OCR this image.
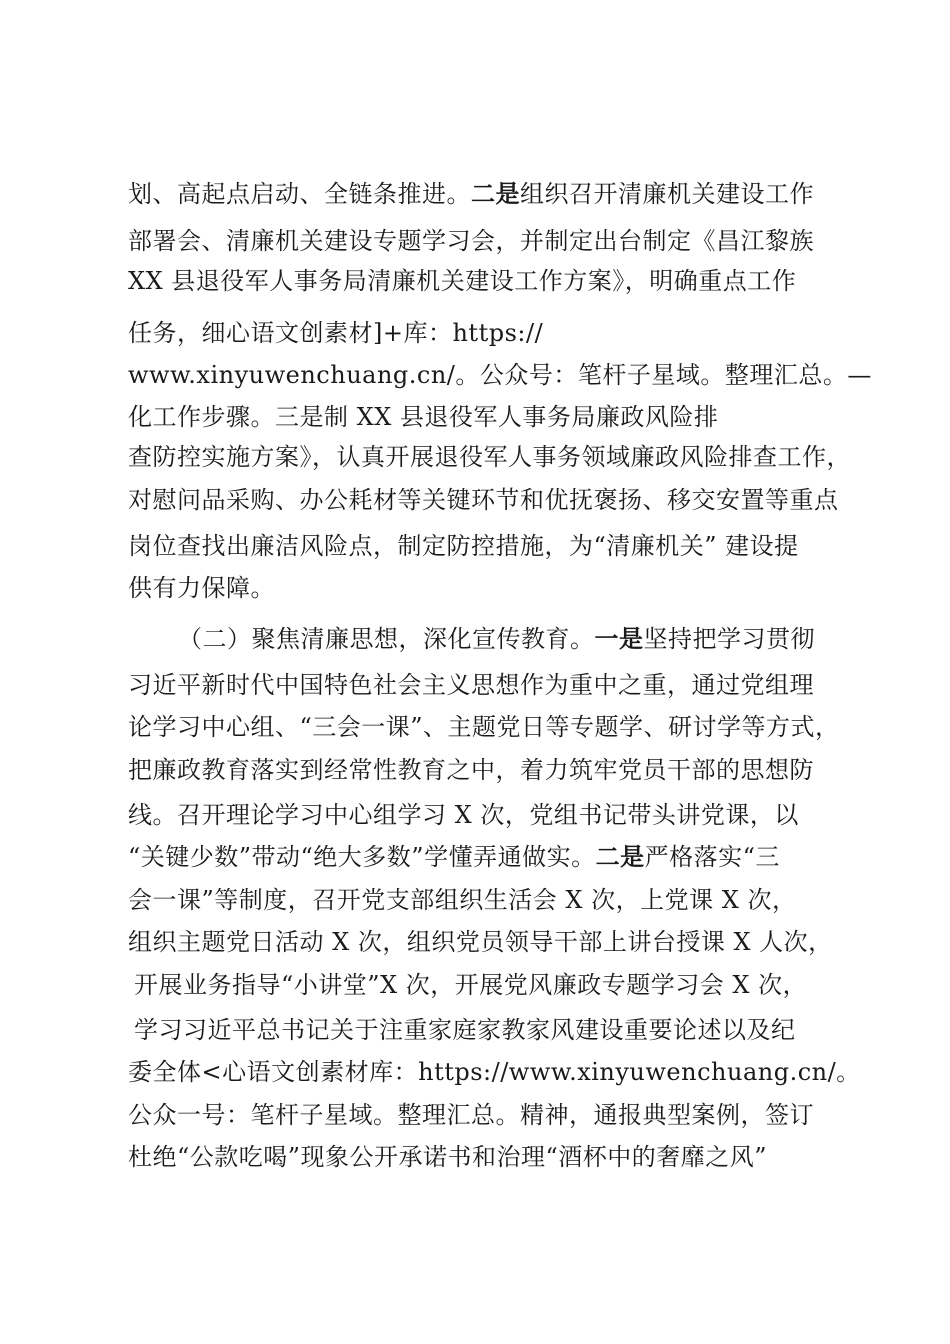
划、高起点启动、全链条推进。二是组织召开清廉机关建设工作
部署会、清廉机关建设专题学习会，并制定出台制定《昌江黎族
XX 县退役军人事务局清廉机关建设工作方案》，明确重点工作
任务，细心语文创素材]+库：https://
www.xinyuwenchuang.cn/。公众号：笔杆子星域。整理汇总。—
化工作步骤。三是制 XX 县退役军人事务局廉政风险排
查防控实施方案》，认真开展退役军人事务领域廉政风险排查工作，
对慰问品采购、办公耗材等关键环节和优抚褒扬、移交安置等重点
岗位查找出廉洁风险点，制定防控措施，为“清廉机关” 建设提
供有力保障。
（二）聚焦清廉思想，深化宣传教育。一是坚持把学习贯彻
习近平新时代中国特色社会主义思想作为重中之重，通过党组理
论学习中心组、“三会一课”、主题党日等专题学、研讨学等方式，
把廉政教育落实到经常性教育之中，着力筑牢党员干部的思想防
线。召开理论学习中心组学习 X 次，党组书记带头讲党课，以
“关键少数”带动“绝大多数”学懂弄通做实。二是严格落实“三
会一课”等制度，召开党支部组织生活会 X 次，上党课 X 次，
组织主题党日活动 X 次，组织党员领导干部上讲台授课 X 人次，
开展业务指导“小讲堂”X 次，开展党风廉政专题学习会 X 次，
学习习近平总书记关于注重家庭家教家风建设重要论述以及纪
委全体<心语文创素材库：https://www.xinyuwenchuang.cn/。
公众一号：笔杆子星域。整理汇总。精神，通报典型案例，签订
杜绝“公款吃喝”现象公开承诺书和治理“酒杯中的奢靡之风”
